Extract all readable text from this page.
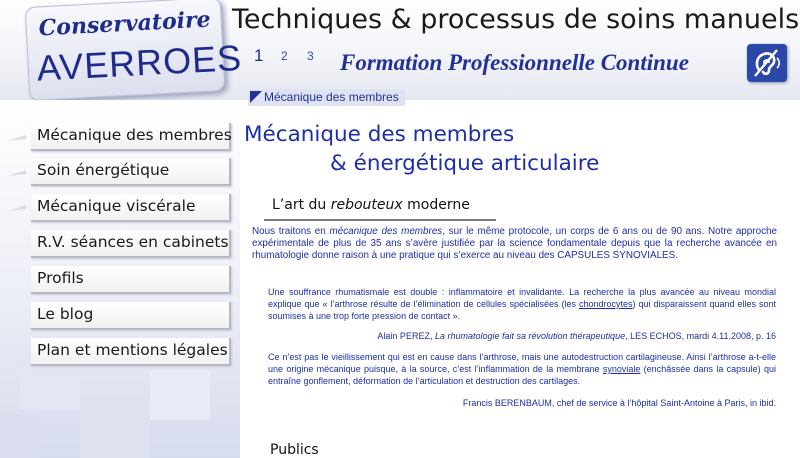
Conservatoire
AVERROES
Techniques & processus de soins manuels
1 2 3 Formation Professionnelle Continue
Mécanique des membres
Mécanique des membres
Soin énergétique
Mécanique viscérale
R.V. séances en cabinets
Profils
Le blog
Plan et mentions légales
Mécanique des membres
& énergétique articulaire
L’art du rebouteux moderne
Nous traitons en mécanique des membres, sur le même protocole, un corps de 6 ans ou de 90 ans. Notre approche expérimentale de plus de 35 ans s’avère justifiée par la science fondamentale depuis que la recherche avancée en rhumatologie donne raison à une pratique qui s’exerce au niveau des CAPSULES SYNOVIALES.
Une souffrance rhumatismale est double : inflammatoire et invalidante. La recherche la plus avancée au niveau mondial explique que « l’arthrose résulte de l’élimination de cellules spécialisées (les chondrocytes) qui disparaissent quand elles sont soumises à une trop forte pression de contact ».
Alain PEREZ, La rhumatologie fait sa révolution thérapeutique, LES ECHOS, mardi 4.11.2008, p. 16
Ce n’est pas le vieillissement qui est en cause dans l’arthrose, mais une autodestruction cartilagineuse. Ainsi l’arthrose a-t-elle une origine mécanique puisque, à la source, c’est l’inflammation de la membrane synoviale (enchâssée dans la capsule) qui entraîne gonflement, déformation de l’articulation et destruction des cartilages.
Francis BERENBAUM, chef de service à l’hôpital Saint-Antoine à Paris, in ibid.
Publics
